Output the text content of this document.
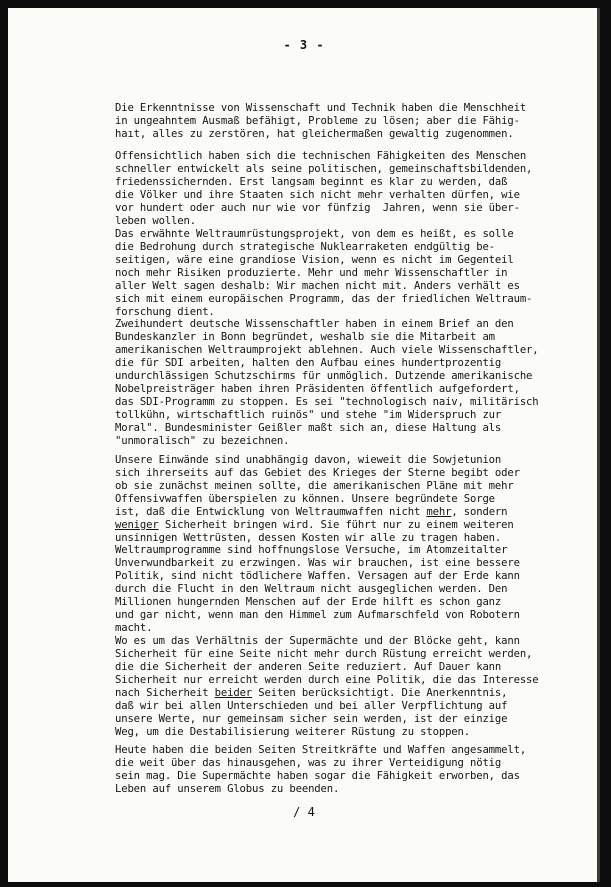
- 3 -
Die Erkenntnisse von Wissenschaft und Technik haben die Menschheit
in ungeahntem Ausmaß befähigt, Probleme zu lösen; aber die Fähig-
haıt, alles zu zerstören, hat gleichermaßen gewaltig zugenommen.
Offensichtlich haben sich die technischen Fähigkeiten des Menschen
schneller entwickelt als seine politischen, gemeinschaftsbildenden,
friedenssichernden. Erst langsam beginnt es klar zu werden, daß
die Völker und ihre Staaten sich nicht mehr verhalten dürfen, wie
vor hundert oder auch nur wie vor fünfzig  Jahren, wenn sie über-
leben wollen.
Das erwähnte Weltraumrüstungsprojekt, von dem es heißt, es solle
die Bedrohung durch strategische Nuklearraketen endgültig be-
seitigen, wäre eine grandiose Vision, wenn es nicht im Gegenteil
noch mehr Risiken produzierte. Mehr und mehr Wissenschaftler in
aller Welt sagen deshalb: Wir machen nicht mit. Anders verhält es
sich mit einem europäischen Programm, das der friedlichen Weltraum-
forschung dient.
Zweihundert deutsche Wissenschaftler haben in einem Brief an den
Bundeskanzler in Bonn begründet, weshalb sie die Mitarbeit am
amerikanischen Weltraumprojekt ablehnen. Auch viele Wissenschaftler,
die für SDI arbeiten, halten den Aufbau eines hundertprozentig
undurchlässigen Schutzschirms für unmöglich. Dutzende amerikanische
Nobelpreisträger haben ihren Präsidenten öffentlich aufgefordert,
das SDI-Programm zu stoppen. Es sei "technologisch naiv, militärisch
tollkühn, wirtschaftlich ruinös" und stehe "im Widerspruch zur
Moral". Bundesminister Geißler maßt sich an, diese Haltung als
"unmoralisch" zu bezeichnen.
Unsere Einwände sind unabhängig davon, wieweit die Sowjetunion
sich ihrerseits auf das Gebiet des Krieges der Sterne begibt oder
ob sie zunächst meinen sollte, die amerikanischen Pläne mit mehr
Offensivwaffen überspielen zu können. Unsere begründete Sorge
ist, daß die Entwicklung von Weltraumwaffen nicht mehr, sondern
weniger Sicherheit bringen wird. Sie führt nur zu einem weiteren
unsinnigen Wettrüsten, dessen Kosten wir alle zu tragen haben.
Weltraumprogramme sind hoffnungslose Versuche, im Atomzeitalter
Unverwundbarkeit zu erzwingen. Was wir brauchen, ist eine bessere
Politik, sind nicht tödlichere Waffen. Versagen auf der Erde kann
durch die Flucht in den Weltraum nicht ausgeglichen werden. Den
Millionen hungernden Menschen auf der Erde hilft es schon ganz
und gar nicht, wenn man den Himmel zum Aufmarschfeld von Robotern
macht.
Wo es um das Verhältnis der Supermächte und der Blöcke geht, kann
Sicherheit für eine Seite nicht mehr durch Rüstung erreicht werden,
die die Sicherheit der anderen Seite reduziert. Auf Dauer kann
Sicherheit nur erreicht werden durch eine Politik, die das Interesse
nach Sicherheit beider Seiten berücksichtigt. Die Anerkenntnis,
daß wir bei allen Unterschieden und bei aller Verpflichtung auf
unsere Werte, nur gemeinsam sicher sein werden, ist der einzige
Weg, um die Destabilisierung weiterer Rüstung zu stoppen.
Heute haben die beiden Seiten Streitkräfte und Waffen angesammelt,
die weit über das hinausgehen, was zu ihrer Verteidigung nötig
sein mag. Die Supermächte haben sogar die Fähigkeit erworben, das
Leben auf unserem Globus zu beenden.
/ 4
